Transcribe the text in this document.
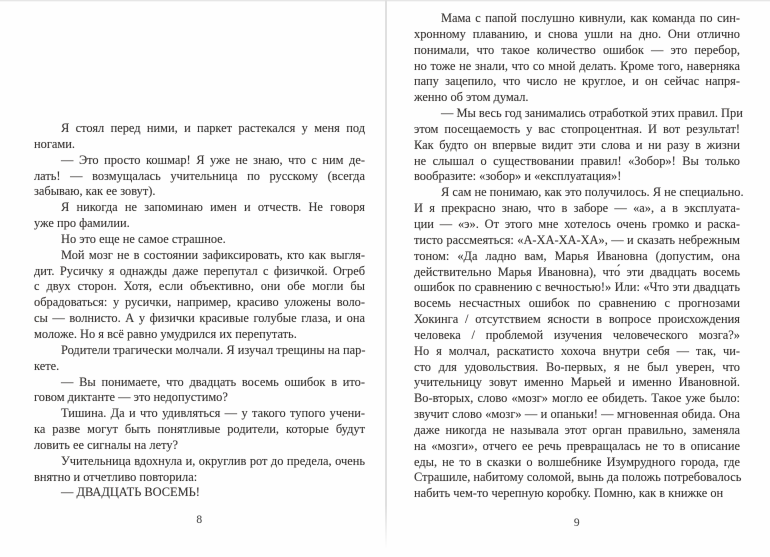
Я стоял перед ними, и паркет растекался у меня под
ногами.
— Это просто кошмар! Я уже не знаю, что с ним де-
лать! — возмущалась учительница по русскому (всегда
забываю, как ее зовут).
Я никогда не запоминаю имен и отчеств. Не говоря
уже про фамилии.
Но это еще не самое страшное.
Мой мозг не в состоянии зафиксировать, кто как выгля-
дит. Русичку я однажды даже перепутал с физичкой. Огреб
с двух сторон. Хотя, если объективно, они обе могли бы
обрадоваться: у русички, например, красиво уложены воло-
сы — волнисто. А у физички красивые голубые глаза, и она
моложе. Но я всё равно умудрился их перепутать.
Родители трагически молчали. Я изучал трещины на пар-
кете.
— Вы понимаете, что двадцать восемь ошибок в ито-
говом диктанте — это недопустимо?
Тишина. Да и что удивляться — у такого тупого учени-
ка разве могут быть понятливые родители, которые будут
ловить ее сигналы на лету?
Учительница вдохнула и, округлив рот до предела, очень
внятно и отчетливо повторила:
— ДВАДЦАТЬ ВОСЕМЬ!
8
Мама с папой послушно кивнули, как команда по син-
хронному плаванию, и снова ушли на дно. Они отлично
понимали, что такое количество ошибок — это перебор,
но тоже не знали, что со мной делать. Кроме того, наверняка
папу зацепило, что число не круглое, и он сейчас напря-
женно об этом думал.
— Мы весь год занимались отработкой этих правил. При
этом посещаемость у вас стопроцентная. И вот результат!
Как будто он впервые видит эти слова и ни разу в жизни
не слышал о существовании правил! «Зобор»! Вы только
вообразите: «зобор» и «експлуатация»!
Я сам не понимаю, как это получилось. Я не специально.
И я прекрасно знаю, что в заборе — «а», а в эксплуата-
ции — «э». От этого мне хотелось очень громко и раска-
тисто рассмеяться: «А-ХА-ХА-ХА», — и сказать небрежным
тоном: «Да ладно вам, Марья Ивановна (допустим, она
действительно Марья Ивановна), что́ эти двадцать восемь
ошибок по сравнению с вечностью!» Или: «Что эти двадцать
восемь несчастных ошибок по сравнению с прогнозами
Хокинга / отсутствием ясности в вопросе происхождения
человека / проблемой изучения человеческого мозга?»
Но я молчал, раскатисто хохоча внутри себя — так, чи-
сто для удовольствия. Во-первых, я не был уверен, что
учительницу зовут именно Марьей и именно Ивановной.
Во-вторых, слово «мозг» могло ее обидеть. Такое уже было:
звучит слово «мозг» — и опаньки! — мгновенная обида. Она
даже никогда не называла этот орган правильно, заменяла
на «мозги», отчего ее речь превращалась не то в описание
еды, не то в сказки о волшебнике Изумрудного города, где
Страшиле, набитому соломой, вынь да положь потребовалось
набить чем-то черепную коробку. Помню, как в книжке он
9
